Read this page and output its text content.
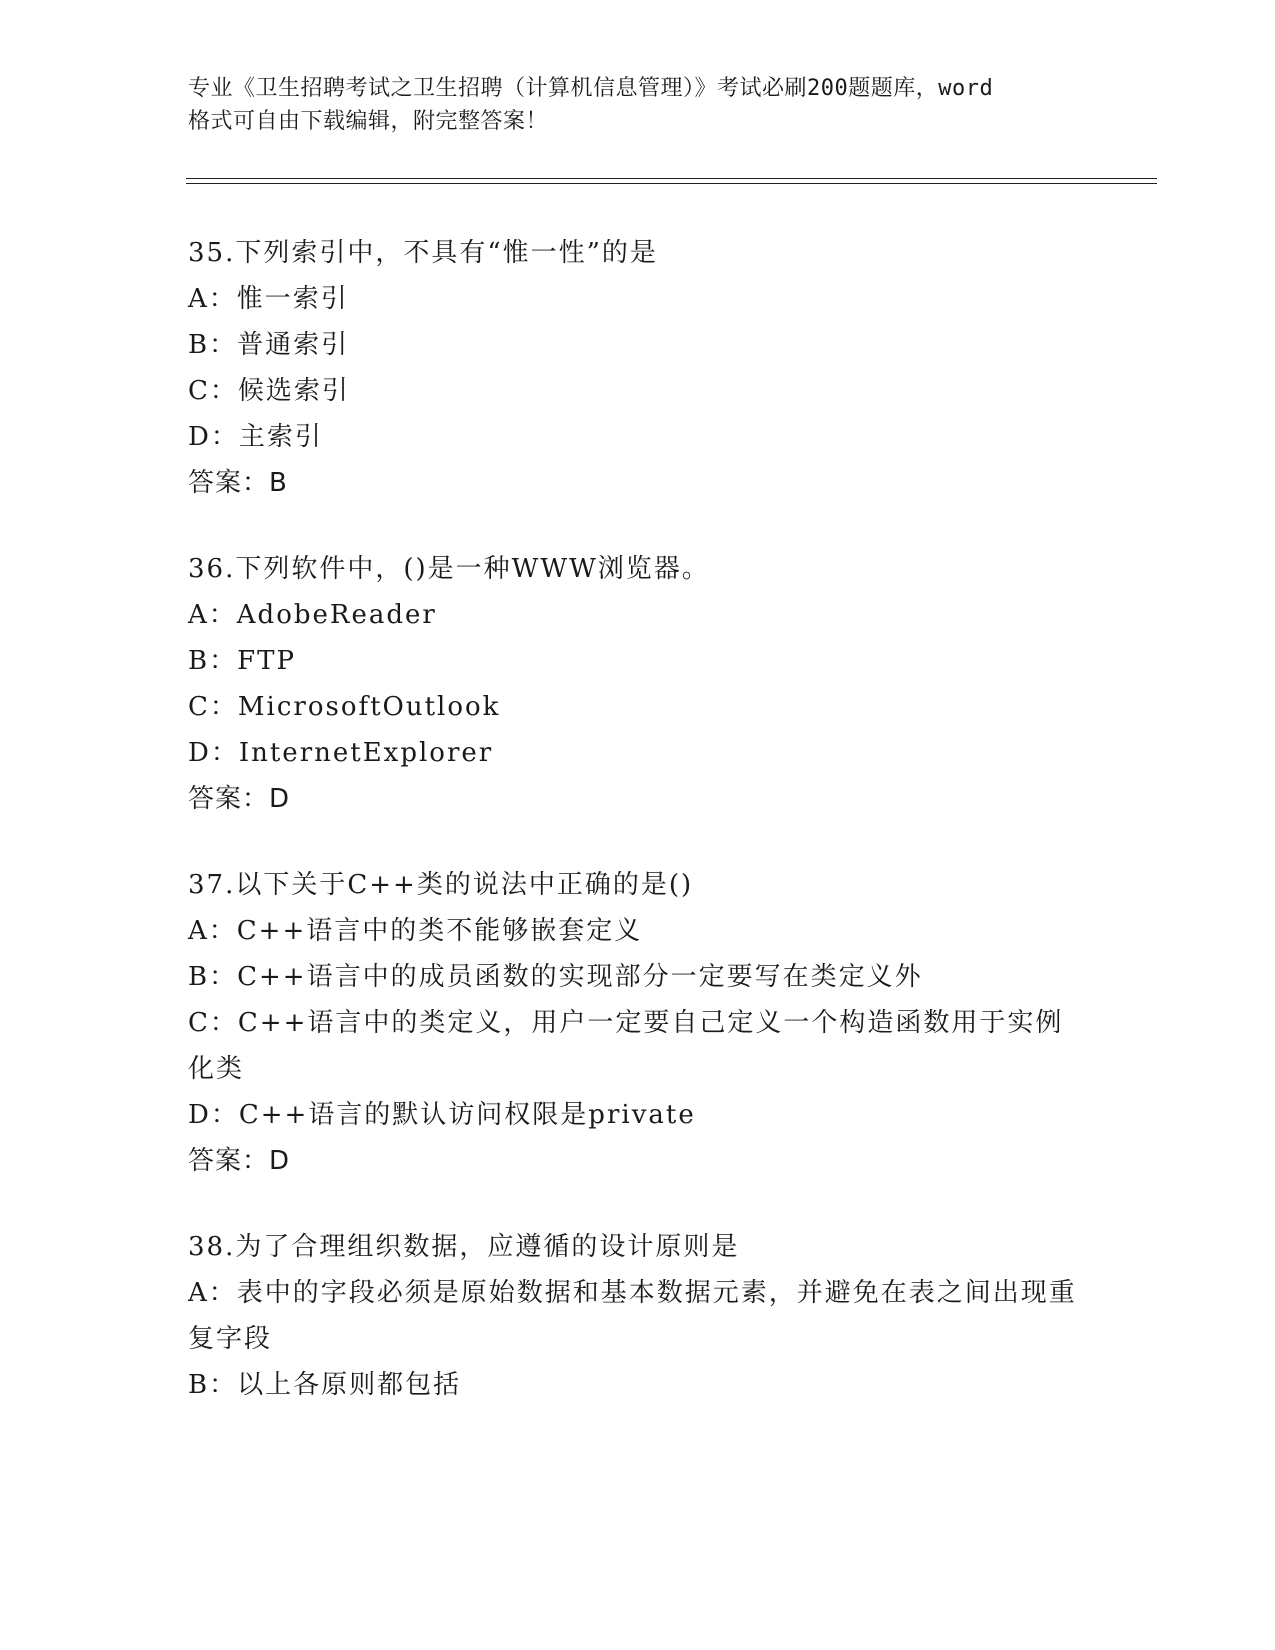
专业《卫生招聘考试之卫生招聘（计算机信息管理）》考试必刷200题题库，word
格式可自由下载编辑，附完整答案！
35.下列索引中，不具有“惟一性”的是
A：惟一索引
B：普通索引
C：候选索引
D：主索引
答案：B
36.下列软件中，()是一种WWW浏览器。
A：AdobeReader
B：FTP
C：MicrosoftOutlook
D：InternetExplorer
答案：D
37.以下关于C++类的说法中正确的是()
A：C++语言中的类不能够嵌套定义
B：C++语言中的成员函数的实现部分一定要写在类定义外
C：C++语言中的类定义，用户一定要自己定义一个构造函数用于实例化类
D：C++语言的默认访问权限是private
答案：D
38.为了合理组织数据，应遵循的设计原则是
A：表中的字段必须是原始数据和基本数据元素，并避免在表之间出现重复字段
B：以上各原则都包括
